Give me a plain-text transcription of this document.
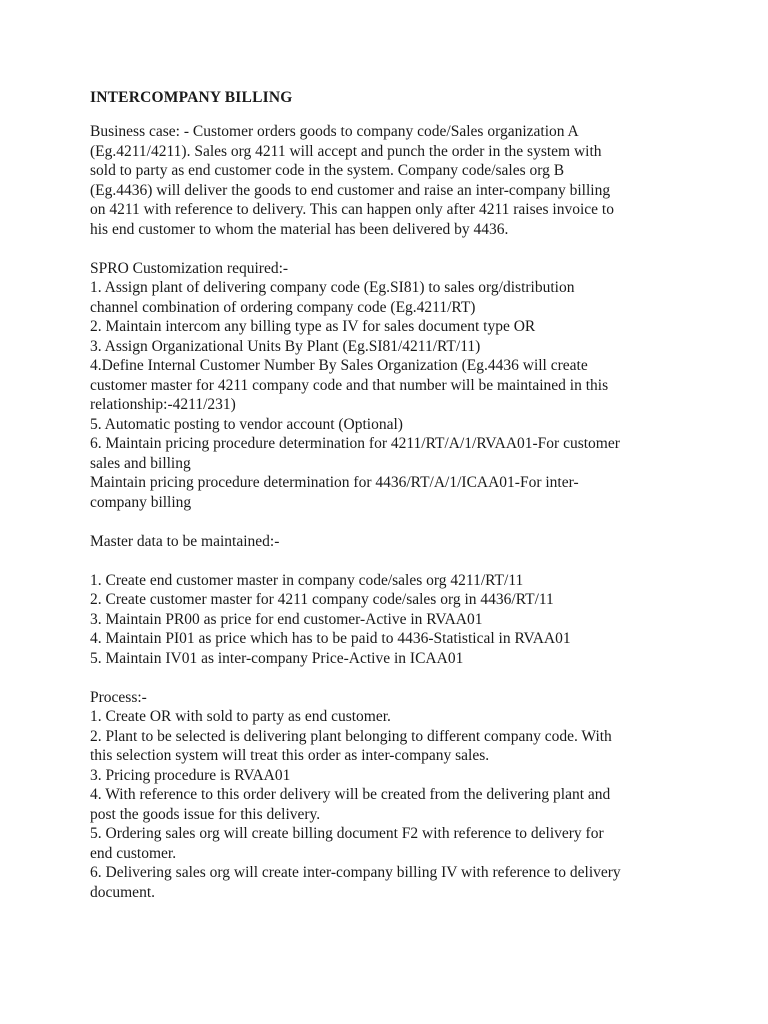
INTERCOMPANY BILLING
Business case: - Customer orders goods to company code/Sales organization A
(Eg.4211/4211). Sales org 4211 will accept and punch the order in the system with
sold to party as end customer code in the system. Company code/sales org B
(Eg.4436) will deliver the goods to end customer and raise an inter-company billing
on 4211 with reference to delivery. This can happen only after 4211 raises invoice to
his end customer to whom the material has been delivered by 4436.
SPRO Customization required:-
1. Assign plant of delivering company code (Eg.SI81) to sales org/distribution
channel combination of ordering company code (Eg.4211/RT)
2. Maintain intercom any billing type as IV for sales document type OR
3. Assign Organizational Units By Plant (Eg.SI81/4211/RT/11)
4.Define Internal Customer Number By Sales Organization (Eg.4436 will create
customer master for 4211 company code and that number will be maintained in this
relationship:-4211/231)
5. Automatic posting to vendor account (Optional)
6. Maintain pricing procedure determination for 4211/RT/A/1/RVAA01-For customer
sales and billing
Maintain pricing procedure determination for 4436/RT/A/1/ICAA01-For inter-
company billing
Master data to be maintained:-
1. Create end customer master in company code/sales org 4211/RT/11
2. Create customer master for 4211 company code/sales org in 4436/RT/11
3. Maintain PR00 as price for end customer-Active in RVAA01
4. Maintain PI01 as price which has to be paid to 4436-Statistical in RVAA01
5. Maintain IV01 as inter-company Price-Active in ICAA01
Process:-
1. Create OR with sold to party as end customer.
2. Plant to be selected is delivering plant belonging to different company code. With
this selection system will treat this order as inter-company sales.
3. Pricing procedure is RVAA01
4. With reference to this order delivery will be created from the delivering plant and
post the goods issue for this delivery.
5. Ordering sales org will create billing document F2 with reference to delivery for
end customer.
6. Delivering sales org will create inter-company billing IV with reference to delivery
document.
